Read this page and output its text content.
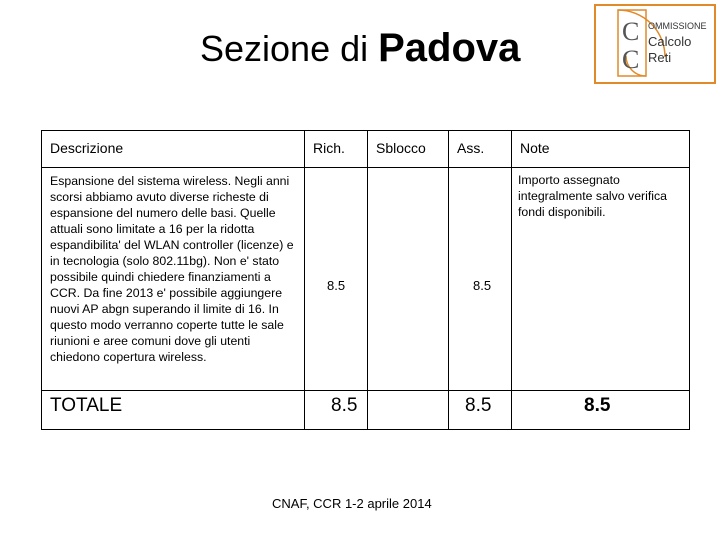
Sezione di Padova	C
C
OMMISSIONE
Calcolo
Reti
Descrizione	Rich.	Sblocco	Ass.	Note

Espansione del sistema wireless. Negli anni scorsi abbiamo avuto diverse richeste di espansione del numero delle basi. Quelle attuali sono limitate a 16 per la ridotta espandibilita' del WLAN controller (licenze) e in tecnologia (solo 802.11bg). Non e' stato possibile quindi chiedere finanziamenti a CCR. Da fine 2013 e' possibile aggiungere nuovi AP abgn superando il limite di 16. In questo modo verranno coperte tutte le sale riunioni e aree comuni dove gli utenti chiedono copertura wireless.	8.5		8.5	Importo assegnato integralmente salvo verifica fondi disponibili.

TOTALE	8.5		8.5	8.5
CNAF, CCR 1-2 aprile 2014
